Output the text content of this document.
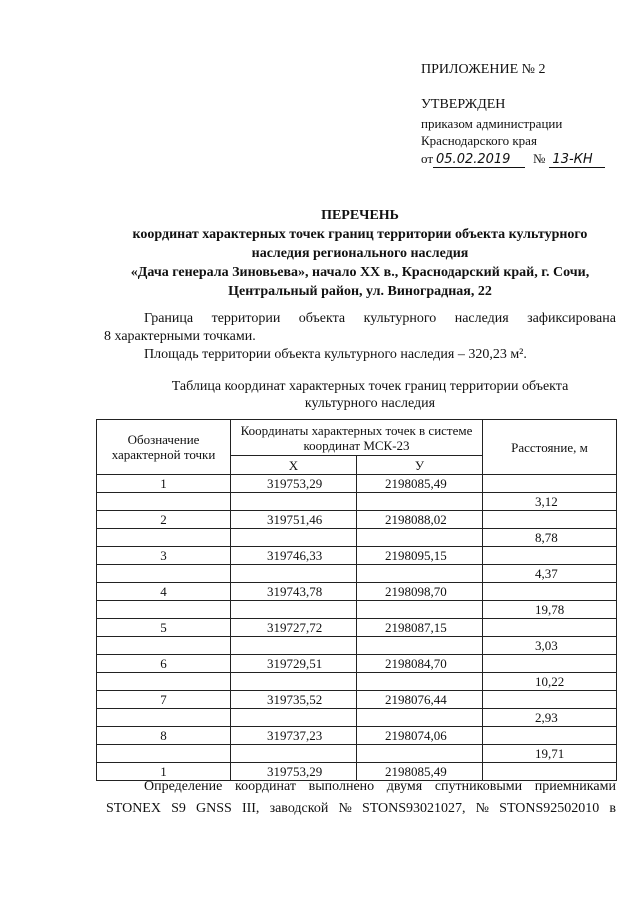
ПРИЛОЖЕНИЕ № 2
УТВЕРЖДЕН
приказом администрации
Краснодарского края
от 05.02.2019	№ 13-КН
ПЕРЕЧЕНЬ
координат характерных точек границ территории объекта культурного
наследия регионального наследия
«Дача генерала Зиновьева», начало XX в., Краснодарский край, г. Сочи,
Центральный район, ул. Виноградная, 22
Граница территории объекта культурного наследия зафиксирована
8 характерными точками.
Площадь территории объекта культурного наследия – 320,23 м².
Таблица координат характерных точек границ территории объекта культурного наследия
Обозначение характерной точки	Координаты характерных точек в системе координат МСК-23		Расстояние, м
	X	У	
1	319753,29	2198085,49	
			3,12
2	319751,46	2198088,02	
			8,78
3	319746,33	2198095,15	
			4,37
4	319743,78	2198098,70	
			19,78
5	319727,72	2198087,15	
			3,03
6	319729,51	2198084,70	
			10,22
7	319735,52	2198076,44	
			2,93
8	319737,23	2198074,06	
			19,71
1	319753,29	2198085,49	
Определение координат выполнено двумя спутниковыми приемниками
STONEX S9 GNSS III, заводской № STONS93021027, № STONS92502010 в
